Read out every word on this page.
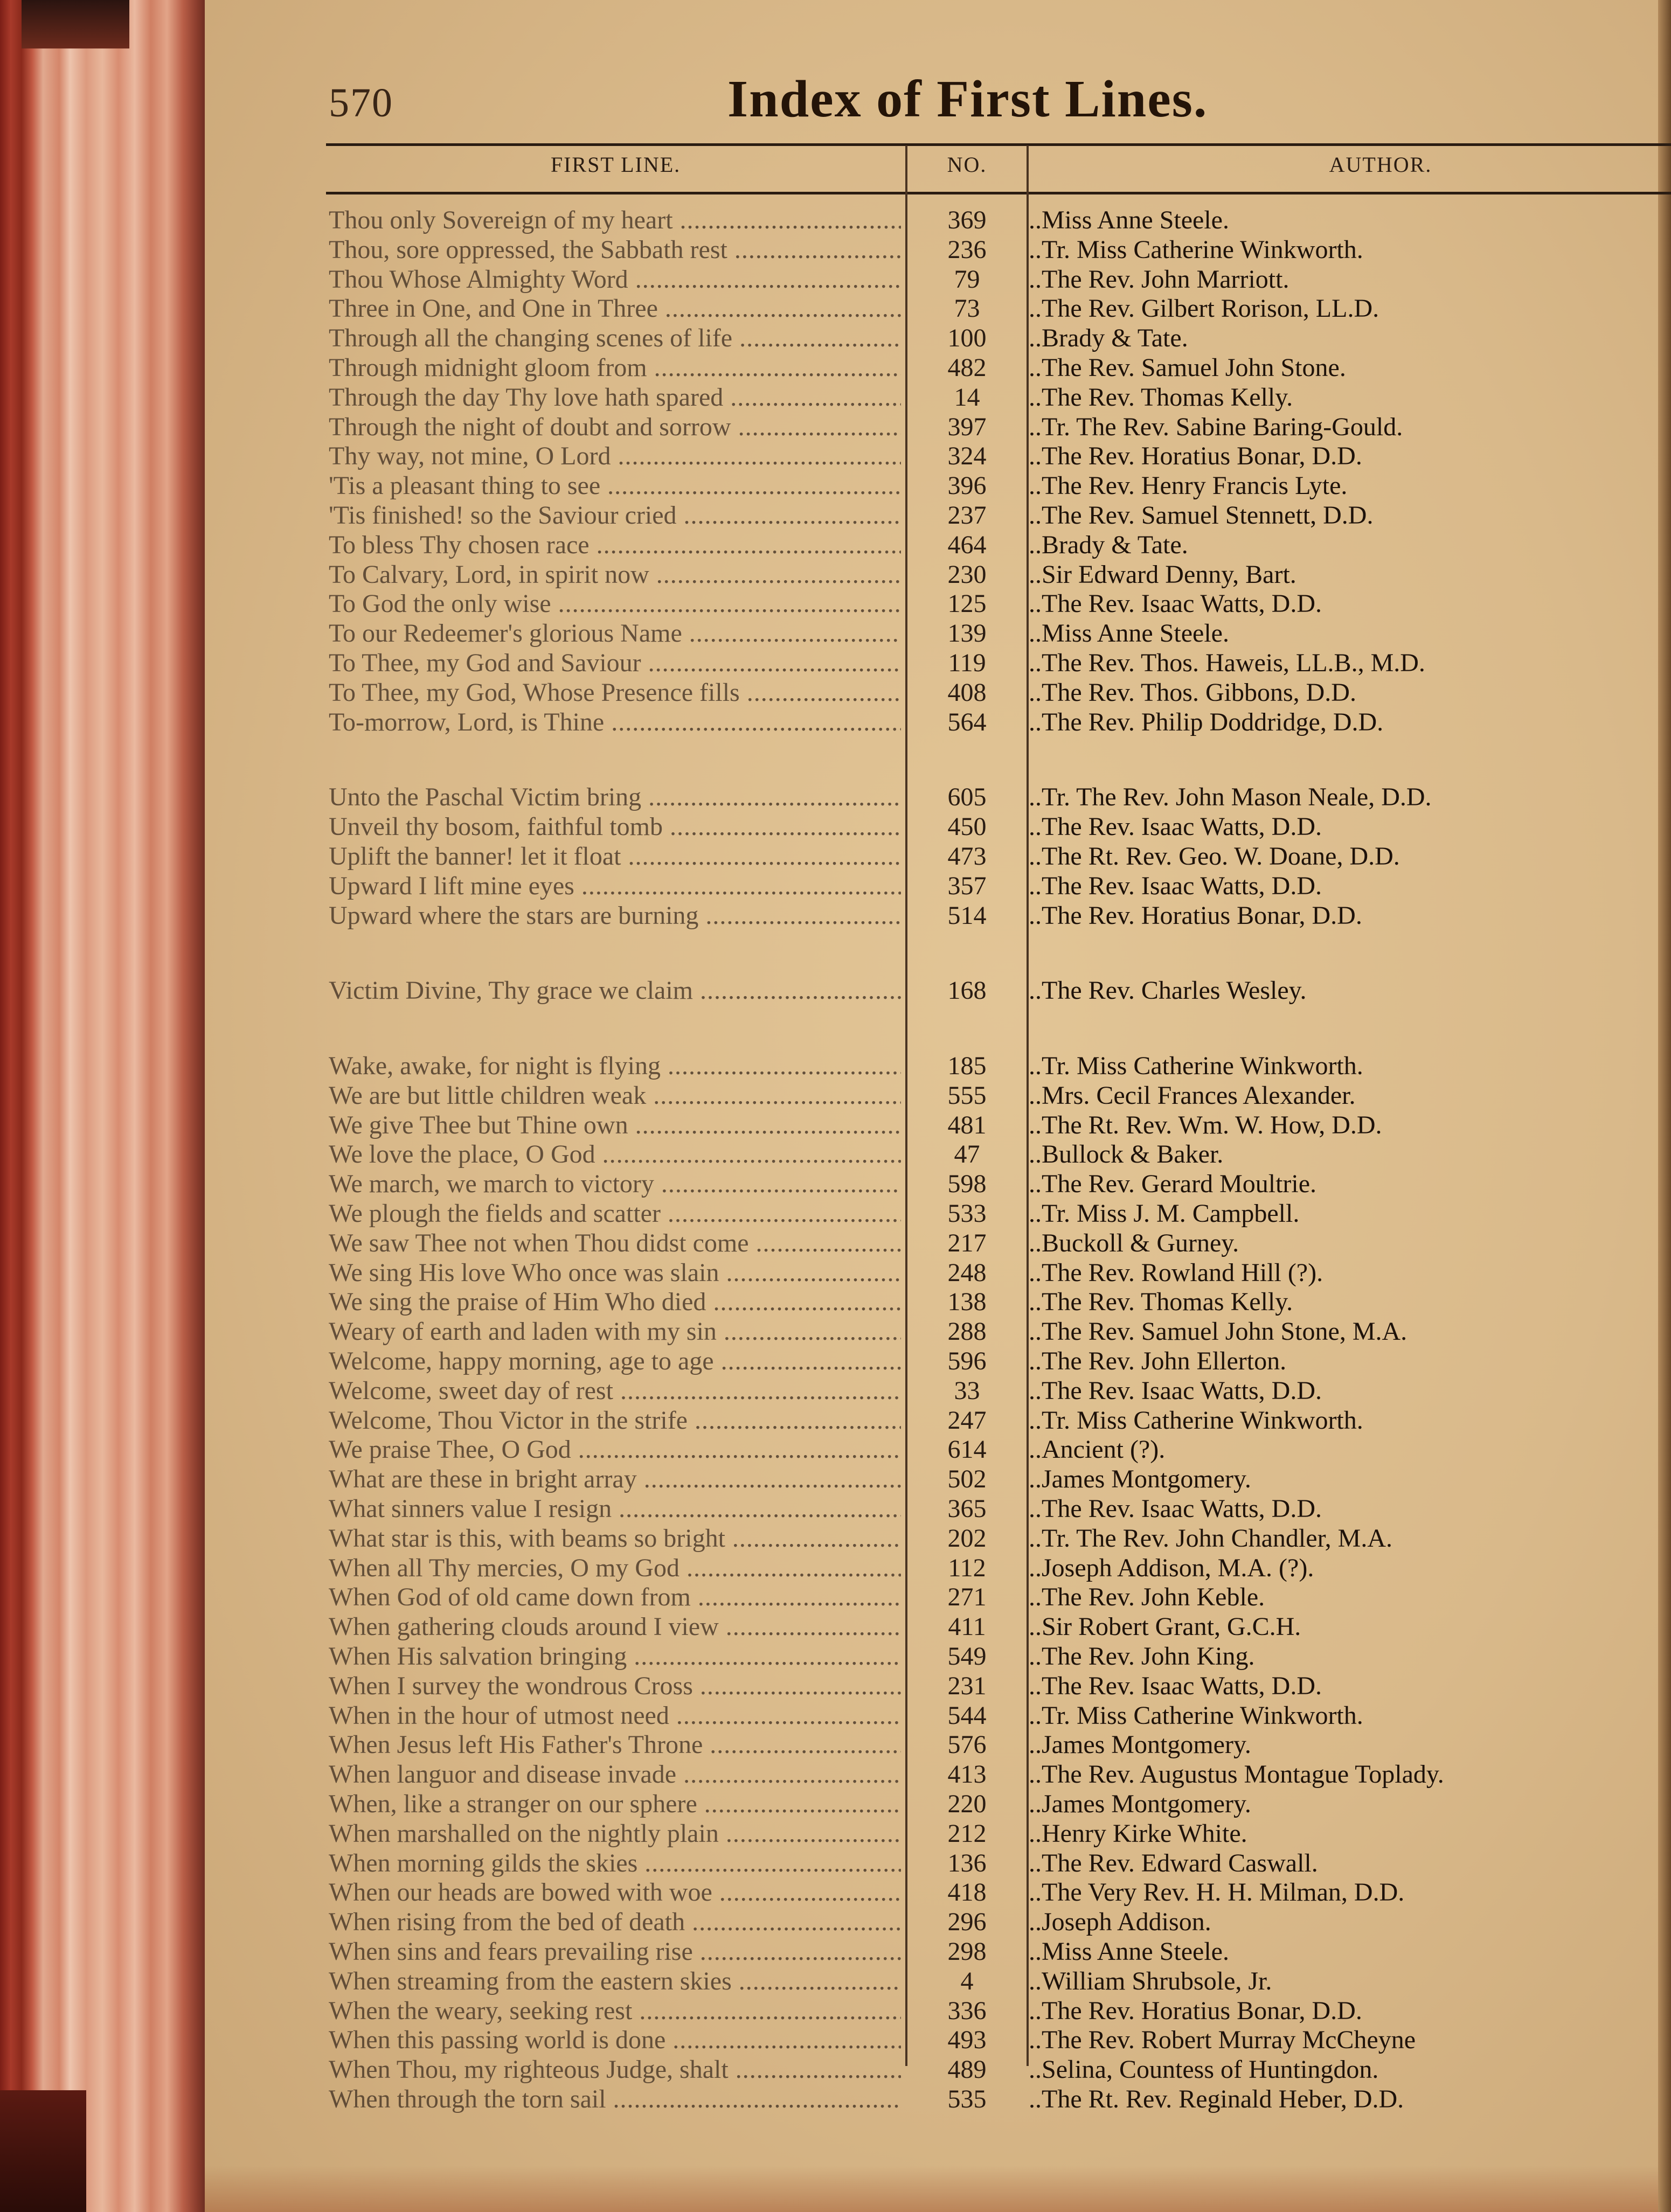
570	Index of First Lines.
FIRST LINE.	NO.	AUTHOR.
Thou only Sovereign of my heart .....	369	..Miss Anne Steele.
Thou, sore oppressed, the Sabbath rest .....	236	..Tr. Miss Catherine Winkworth.
Thou Whose Almighty Word .....	79	..The Rev. John Marriott.
Three in One, and One in Three .....	73	..The Rev. Gilbert Rorison, LL.D.
Through all the changing scenes of life .....	100	..Brady & Tate.
Through midnight gloom from .....	482	..The Rev. Samuel John Stone.
Through the day Thy love hath spared .....	14	..The Rev. Thomas Kelly.
Through the night of doubt and sorrow .....	397	..Tr. The Rev. Sabine Baring-Gould.
Thy way, not mine, O Lord .....	324	..The Rev. Horatius Bonar, D.D.
'Tis a pleasant thing to see .....	396	..The Rev. Henry Francis Lyte.
'Tis finished! so the Saviour cried .....	237	..The Rev. Samuel Stennett, D.D.
To bless Thy chosen race .....	464	..Brady & Tate.
To Calvary, Lord, in spirit now .....	230	..Sir Edward Denny, Bart.
To God the only wise .....	125	..The Rev. Isaac Watts, D.D.
To our Redeemer's glorious Name .....	139	..Miss Anne Steele.
To Thee, my God and Saviour .....	119	..The Rev. Thos. Haweis, LL.B., M.D.
To Thee, my God, Whose Presence fills .....	408	..The Rev. Thos. Gibbons, D.D.
To-morrow, Lord, is Thine .....	564	..The Rev. Philip Doddridge, D.D.
Unto the Paschal Victim bring .....	605	..Tr. The Rev. John Mason Neale, D.D.
Unveil thy bosom, faithful tomb .....	450	..The Rev. Isaac Watts, D.D.
Uplift the banner! let it float .....	473	..The Rt. Rev. Geo. W. Doane, D.D.
Upward I lift mine eyes .....	357	..The Rev. Isaac Watts, D.D.
Upward where the stars are burning .....	514	..The Rev. Horatius Bonar, D.D.
Victim Divine, Thy grace we claim .....	168	..The Rev. Charles Wesley.
Wake, awake, for night is flying .....	185	..Tr. Miss Catherine Winkworth.
We are but little children weak .....	555	..Mrs. Cecil Frances Alexander.
We give Thee but Thine own .....	481	..The Rt. Rev. Wm. W. How, D.D.
We love the place, O God .....	47	..Bullock & Baker.
We march, we march to victory .....	598	..The Rev. Gerard Moultrie.
We plough the fields and scatter .....	533	..Tr. Miss J. M. Campbell.
We saw Thee not when Thou didst come .....	217	..Buckoll & Gurney.
We sing His love Who once was slain .....	248	..The Rev. Rowland Hill (?).
We sing the praise of Him Who died .....	138	..The Rev. Thomas Kelly.
Weary of earth and laden with my sin .....	288	..The Rev. Samuel John Stone, M.A.
Welcome, happy morning, age to age .....	596	..The Rev. John Ellerton.
Welcome, sweet day of rest .....	33	..The Rev. Isaac Watts, D.D.
Welcome, Thou Victor in the strife .....	247	..Tr. Miss Catherine Winkworth.
We praise Thee, O God .....	614	..Ancient (?).
What are these in bright array .....	502	..James Montgomery.
What sinners value I resign .....	365	..The Rev. Isaac Watts, D.D.
What star is this, with beams so bright .....	202	..Tr. The Rev. John Chandler, M.A.
When all Thy mercies, O my God .....	112	..Joseph Addison, M.A. (?).
When God of old came down from .....	271	..The Rev. John Keble.
When gathering clouds around I view .....	411	..Sir Robert Grant, G.C.H.
When His salvation bringing .....	549	..The Rev. John King.
When I survey the wondrous Cross .....	231	..The Rev. Isaac Watts, D.D.
When in the hour of utmost need .....	544	..Tr. Miss Catherine Winkworth.
When Jesus left His Father's Throne .....	576	..James Montgomery.
When languor and disease invade .....	413	..The Rev. Augustus Montague Toplady.
When, like a stranger on our sphere .....	220	..James Montgomery.
When marshalled on the nightly plain .....	212	..Henry Kirke White.
When morning gilds the skies .....	136	..The Rev. Edward Caswall.
When our heads are bowed with woe .....	418	..The Very Rev. H. H. Milman, D.D.
When rising from the bed of death .....	296	..Joseph Addison.
When sins and fears prevailing rise .....	298	..Miss Anne Steele.
When streaming from the eastern skies .....	4	..William Shrubsole, Jr.
When the weary, seeking rest .....	336	..The Rev. Horatius Bonar, D.D.
When this passing world is done .....	493	..The Rev. Robert Murray McCheyne
When Thou, my righteous Judge, shalt .....	489	..Selina, Countess of Huntingdon.
When through the torn sail .....	535	..The Rt. Rev. Reginald Heber, D.D.
